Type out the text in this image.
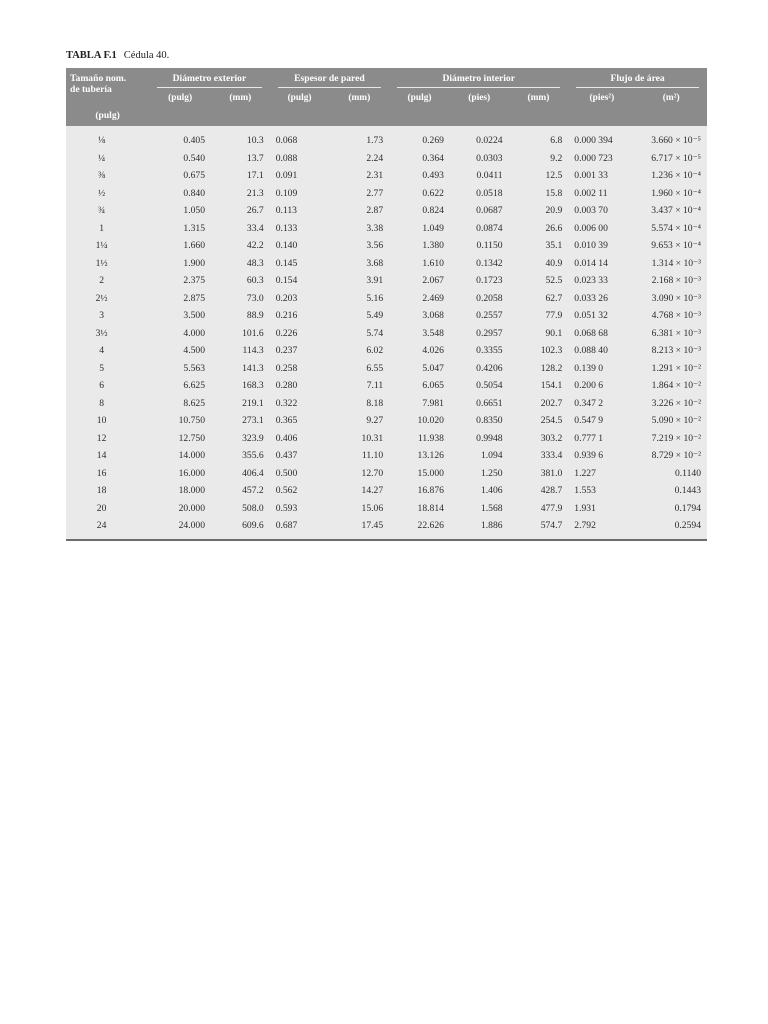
TABLA F.1 Cédula 40.
Tamaño nom.
de tubería	Diámetro exterior		Espesor de pared		Diámetro interior			Flujo de área	

	(pulg)	(mm)	(pulg)	(mm)	(pulg)	(pies)	(mm)	(pies²)	(m²)
(pulg)									
⅛	0.405	10.3	0.068	1.73	0.269	0.0224	6.8	0.000 394	3.660 × 10⁻⁵
¼	0.540	13.7	0.088	2.24	0.364	0.0303	9.2	0.000 723	6.717 × 10⁻⁵
⅜	0.675	17.1	0.091	2.31	0.493	0.0411	12.5	0.001 33	1.236 × 10⁻⁴
½	0.840	21.3	0.109	2.77	0.622	0.0518	15.8	0.002 11	1.960 × 10⁻⁴
¾	1.050	26.7	0.113	2.87	0.824	0.0687	20.9	0.003 70	3.437 × 10⁻⁴
1	1.315	33.4	0.133	3.38	1.049	0.0874	26.6	0.006 00	5.574 × 10⁻⁴
1¼	1.660	42.2	0.140	3.56	1.380	0.1150	35.1	0.010 39	9.653 × 10⁻⁴
1½	1.900	48.3	0.145	3.68	1.610	0.1342	40.9	0.014 14	1.314 × 10⁻³
2	2.375	60.3	0.154	3.91	2.067	0.1723	52.5	0.023 33	2.168 × 10⁻³
2½	2.875	73.0	0.203	5.16	2.469	0.2058	62.7	0.033 26	3.090 × 10⁻³
3	3.500	88.9	0.216	5.49	3.068	0.2557	77.9	0.051 32	4.768 × 10⁻³
3½	4.000	101.6	0.226	5.74	3.548	0.2957	90.1	0.068 68	6.381 × 10⁻³
4	4.500	114.3	0.237	6.02	4.026	0.3355	102.3	0.088 40	8.213 × 10⁻³
5	5.563	141.3	0.258	6.55	5.047	0.4206	128.2	0.139 0	1.291 × 10⁻²
6	6.625	168.3	0.280	7.11	6.065	0.5054	154.1	0.200 6	1.864 × 10⁻²
8	8.625	219.1	0.322	8.18	7.981	0.6651	202.7	0.347 2	3.226 × 10⁻²
10	10.750	273.1	0.365	9.27	10.020	0.8350	254.5	0.547 9	5.090 × 10⁻²
12	12.750	323.9	0.406	10.31	11.938	0.9948	303.2	0.777 1	7.219 × 10⁻²
14	14.000	355.6	0.437	11.10	13.126	1.094	333.4	0.939 6	8.729 × 10⁻²
16	16.000	406.4	0.500	12.70	15.000	1.250	381.0	1.227	0.1140
18	18.000	457.2	0.562	14.27	16.876	1.406	428.7	1.553	0.1443
20	20.000	508.0	0.593	15.06	18.814	1.568	477.9	1.931	0.1794
24	24.000	609.6	0.687	17.45	22.626	1.886	574.7	2.792	0.2594
